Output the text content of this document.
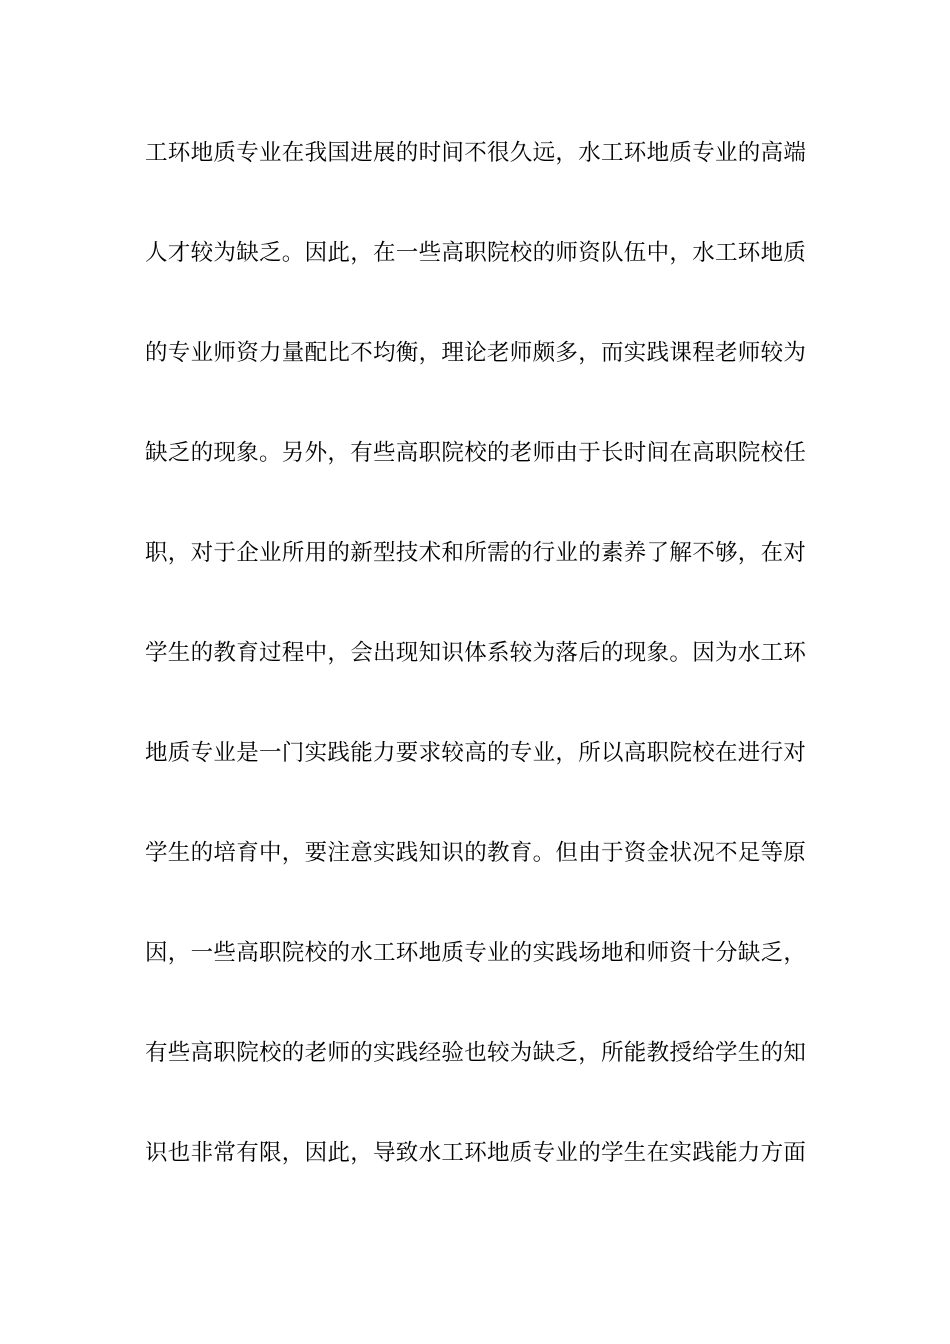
工环地质专业在我国进展的时间不很久远，水工环地质专业的高端
人才较为缺乏。因此，在一些高职院校的师资队伍中，水工环地质
的专业师资力量配比不均衡，理论老师颇多，而实践课程老师较为
缺乏的现象。另外，有些高职院校的老师由于长时间在高职院校任
职，对于企业所用的新型技术和所需的行业的素养了解不够，在对
学生的教育过程中，会出现知识体系较为落后的现象。因为水工环
地质专业是一门实践能力要求较高的专业，所以高职院校在进行对
学生的培育中，要注意实践知识的教育。但由于资金状况不足等原
因，一些高职院校的水工环地质专业的实践场地和师资十分缺乏，
有些高职院校的老师的实践经验也较为缺乏，所能教授给学生的知
识也非常有限，因此，导致水工环地质专业的学生在实践能力方面
